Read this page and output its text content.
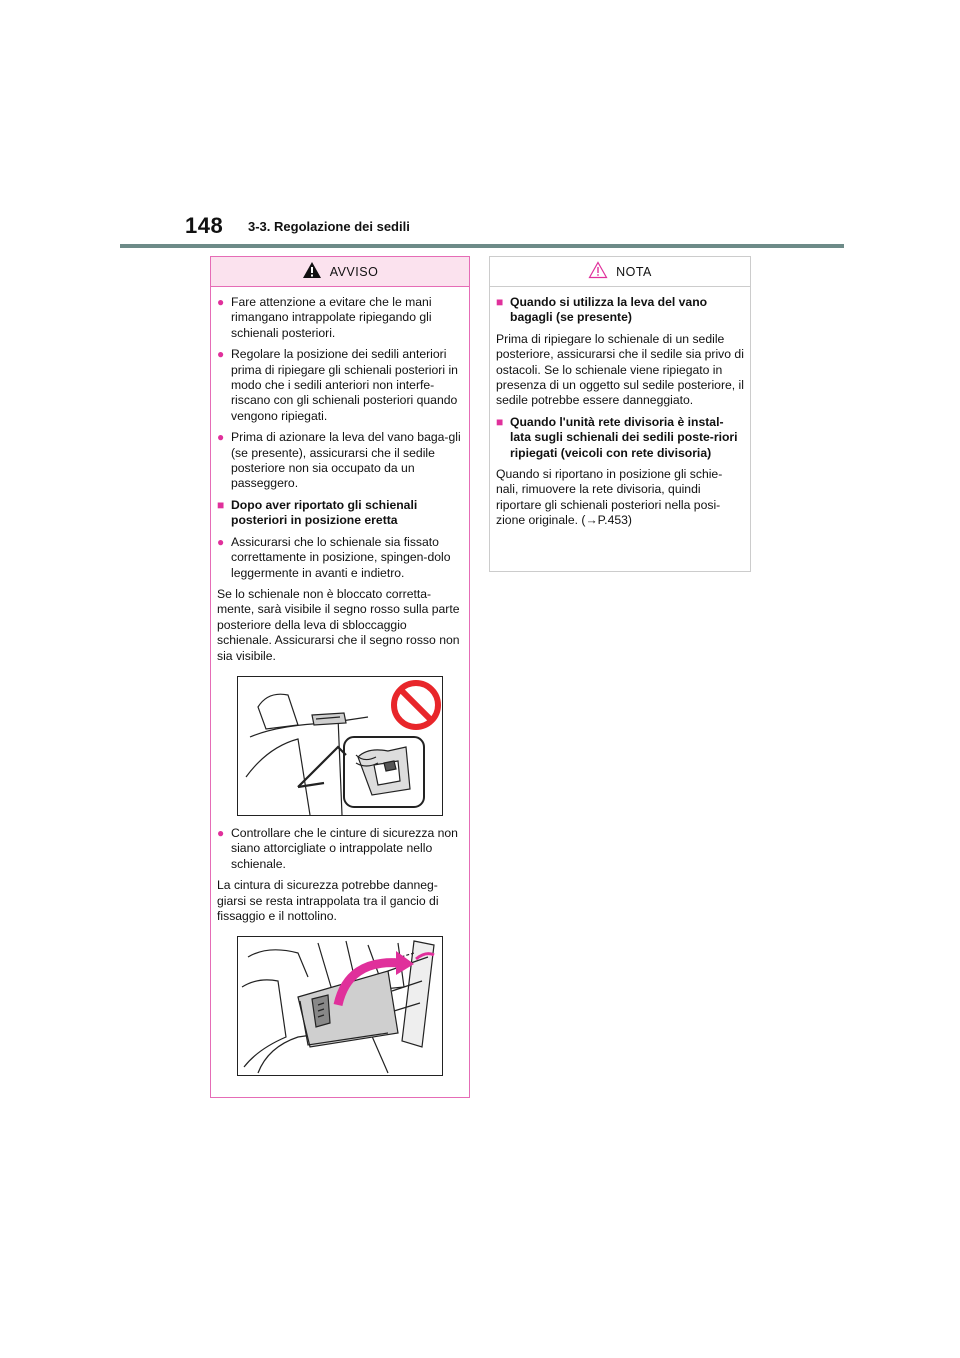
148 3-3. Regolazione dei sedili
AVVISO
● Fare attenzione a evitare che le mani rimangano intrappolate ripiegando gli schienali posteriori.
● Regolare la posizione dei sedili anteriori prima di ripiegare gli schienali posteriori in modo che i sedili anteriori non interfe-riscano con gli schienali posteriori quando vengono ripiegati.
● Prima di azionare la leva del vano baga-gli (se presente), assicurarsi che il sedile posteriore non sia occupato da un passeggero.
■ Dopo aver riportato gli schienali posteriori in posizione eretta
● Assicurarsi che lo schienale sia fissato correttamente in posizione, spingen-dolo leggermente in avanti e indietro.
Se lo schienale non è bloccato corretta-mente, sarà visibile il segno rosso sulla parte posteriore della leva di sbloccaggio schienale. Assicurarsi che il segno rosso non sia visibile.
● Controllare che le cinture di sicurezza non siano attorcigliate o intrappolate nello schienale.
La cintura di sicurezza potrebbe danneg-giarsi se resta intrappolata tra il gancio di fissaggio e il nottolino.
NOTA
■ Quando si utilizza la leva del vano bagagli (se presente)
Prima di ripiegare lo schienale di un sedile posteriore, assicurarsi che il sedile sia privo di ostacoli. Se lo schienale viene ripiegato in presenza di un oggetto sul sedile posteriore, il sedile potrebbe essere danneggiato.
■ Quando l'unità rete divisoria è instal-lata sugli schienali dei sedili poste-riori ripiegati (veicoli con rete divisoria)
Quando si riportano in posizione gli schie-nali, rimuovere la rete divisoria, quindi riportare gli schienali posteriori nella posi-zione originale. (→P.453)
